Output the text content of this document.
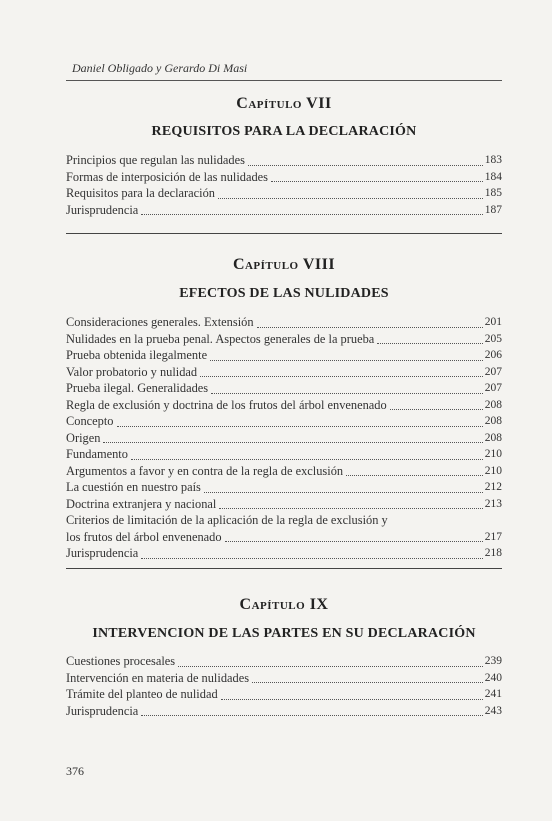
Daniel Obligado y Gerardo Di Masi
Capítulo VII
REQUISITOS PARA LA DECLARACIÓN
Principios que regulan las nulidades	183
Formas de interposición de las nulidades	184
Requisitos para la declaración	185
Jurisprudencia	187
Capítulo VIII
EFECTOS DE LAS NULIDADES
Consideraciones generales. Extensión	201
Nulidades en la prueba penal. Aspectos generales de la prueba	205
Prueba obtenida ilegalmente	206
Valor probatorio y nulidad	207
Prueba ilegal. Generalidades	207
Regla de exclusión y doctrina de los frutos del árbol envenenado	208
Concepto	208
Origen	208
Fundamento	210
Argumentos a favor y en contra de la regla de exclusión	210
La cuestión en nuestro país	212
Doctrina extranjera y nacional	213
Criterios de limitación de la aplicación de la regla de exclusión y
los frutos del árbol envenenado	217
Jurisprudencia	218
Capítulo IX
INTERVENCION DE LAS PARTES EN SU DECLARACIÓN
Cuestiones procesales	239
Intervención en materia de nulidades	240
Trámite del planteo de nulidad	241
Jurisprudencia	243
376
